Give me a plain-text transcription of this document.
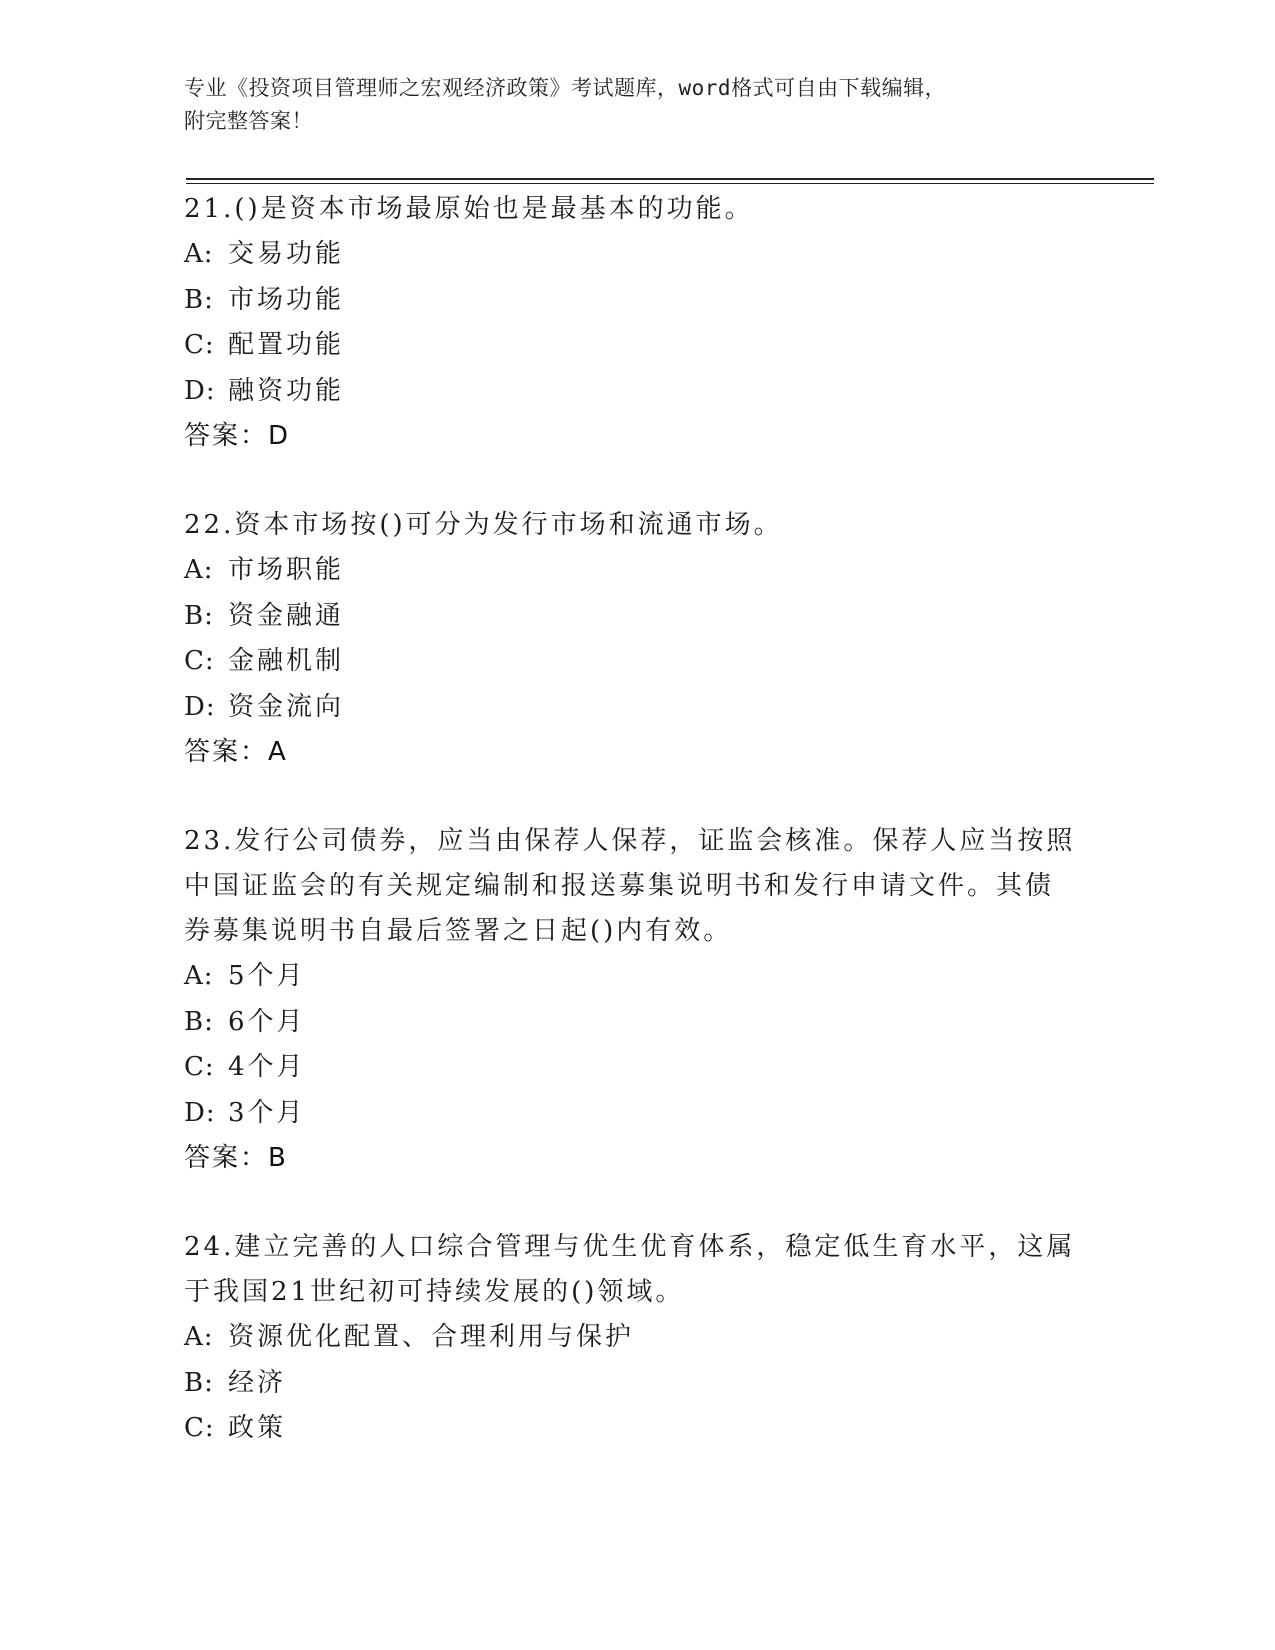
专业《投资项目管理师之宏观经济政策》考试题库，word格式可自由下载编辑，
附完整答案！
21.()是资本市场最原始也是最基本的功能。
A: 交易功能
B: 市场功能
C: 配置功能
D: 融资功能
答案：D
22.资本市场按()可分为发行市场和流通市场。
A: 市场职能
B: 资金融通
C: 金融机制
D: 资金流向
答案：A
23.发行公司债券，应当由保荐人保荐，证监会核准。保荐人应当按照
中国证监会的有关规定编制和报送募集说明书和发行申请文件。其债
券募集说明书自最后签署之日起()内有效。
A: 5个月
B: 6个月
C: 4个月
D: 3个月
答案：B
24.建立完善的人口综合管理与优生优育体系，稳定低生育水平，这属
于我国21世纪初可持续发展的()领域。
A: 资源优化配置、合理利用与保护
B: 经济
C: 政策
